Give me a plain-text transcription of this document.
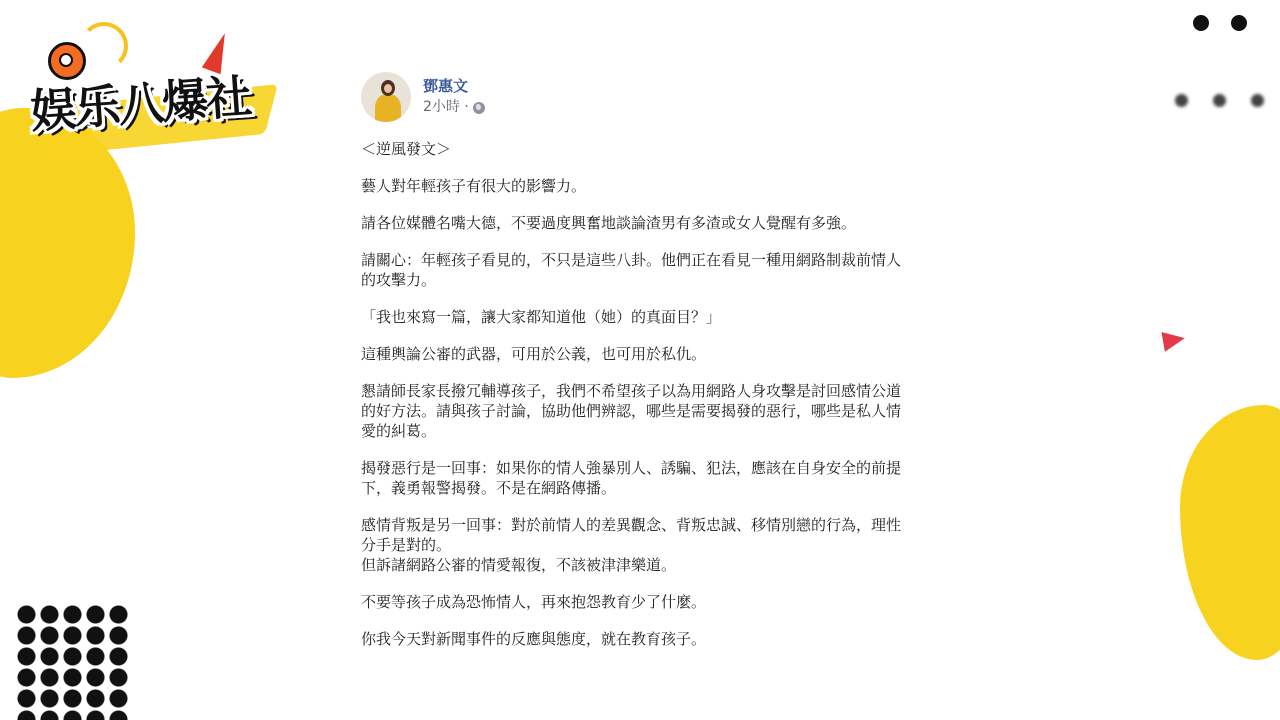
娱乐八爆社	鄧惠文
2小時 ·

＜逆風發文＞

藝人對年輕孩子有很大的影響力。

請各位媒體名嘴大德，不要過度興奮地談論渣男有多渣或女人覺醒有多強。

請關心：年輕孩子看見的，不只是這些八卦。他們正在看見一種用網路制裁前情人的攻擊力。

「我也來寫一篇，讓大家都知道他（她）的真面目？」

這種輿論公審的武器，可用於公義，也可用於私仇。

懇請師長家長撥冗輔導孩子，我們不希望孩子以為用網路人身攻擊是討回感情公道的好方法。請與孩子討論，協助他們辨認，哪些是需要揭發的惡行，哪些是私人情愛的糾葛。

揭發惡行是一回事：如果你的情人強暴別人、誘騙、犯法，應該在自身安全的前提下，義勇報警揭發。不是在網路傳播。

感情背叛是另一回事：對於前情人的差異觀念、背叛忠誠、移情別戀的行為，理性分手是對的。
但訴諸網路公審的情愛報復，不該被津津樂道。

不要等孩子成為恐怖情人，再來抱怨教育少了什麼。

你我今天對新聞事件的反應與態度，就在教育孩子。
